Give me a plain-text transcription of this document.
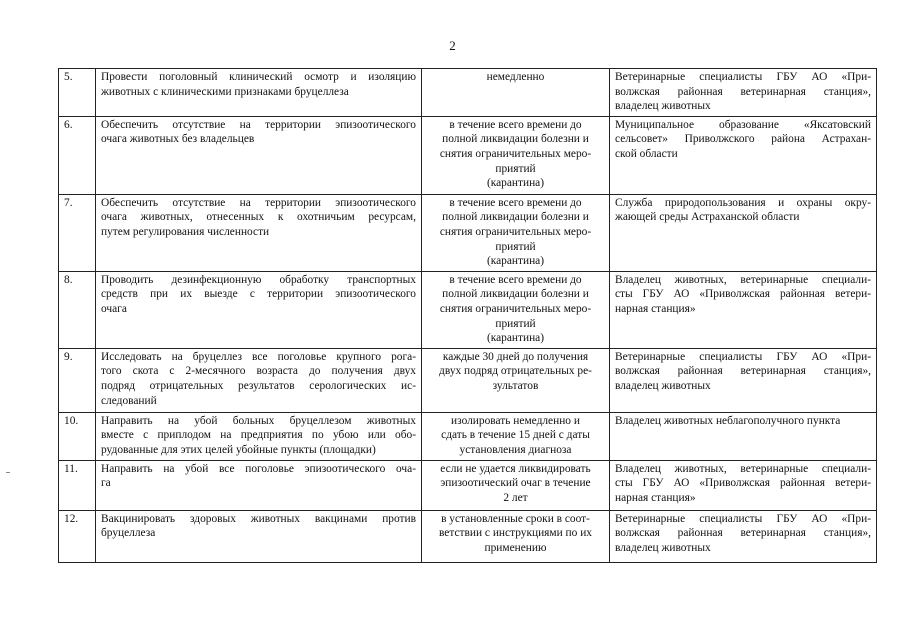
2
5.	Провести поголовный клинический осмотр и изоляцию
животных с клиническими признаками бруцеллеза	немедленно	Ветеринарные специалисты ГБУ АО «При-
волжская районная ветеринарная станция»,
владелец животных

6.	Обеспечить отсутствие на территории эпизоотического
очага животных без владельцев	в течение всего времени до
полной ликвидации болезни и
снятия ограничительных меро-
приятий
(карантина)	Муниципальное образование «Яксатовский
сельсовет» Приволжского района Астрахан-
ской области

7.	Обеспечить отсутствие на территории эпизоотического
очага животных, отнесенных к охотничьим ресурсам,
путем регулирования численности	в течение всего времени до
полной ликвидации болезни и
снятия ограничительных меро-
приятий
(карантина)	Служба природопользования и охраны окру-
жающей среды Астраханской области

8.	Проводить дезинфекционную обработку транспортных
средств при их выезде с территории эпизоотического
очага	в течение всего времени до
полной ликвидации болезни и
снятия ограничительных меро-
приятий
(карантина)	Владелец животных, ветеринарные специали-
сты ГБУ АО «Приволжская районная ветери-
нарная станция»

9.	Исследовать на бруцеллез все поголовье крупного рога-
того скота с 2-месячного возраста до получения двух
подряд отрицательных результатов серологических ис-
следований	каждые 30 дней до получения
двух подряд отрицательных ре-
зультатов	Ветеринарные специалисты ГБУ АО «При-
волжская районная ветеринарная станция»,
владелец животных

10.	Направить на убой больных бруцеллезом животных
вместе с приплодом на предприятия по убою или обо-
рудованные для этих целей убойные пункты (площадки)	изолировать немедленно и
сдать в течение 15 дней с даты
установления диагноза	Владелец животных неблагополучного пункта

11.	Направить на убой все поголовье эпизоотического оча-
га	если не удается ликвидировать
эпизоотический очаг в течение
2 лет	Владелец животных, ветеринарные специали-
сты ГБУ АО «Приволжская районная ветери-
нарная станция»

12.	Вакцинировать здоровых животных вакцинами против
бруцеллеза	в установленные сроки в соот-
ветствии с инструкциями по их
применению	Ветеринарные специалисты ГБУ АО «При-
волжская районная ветеринарная станция»,
владелец животных
